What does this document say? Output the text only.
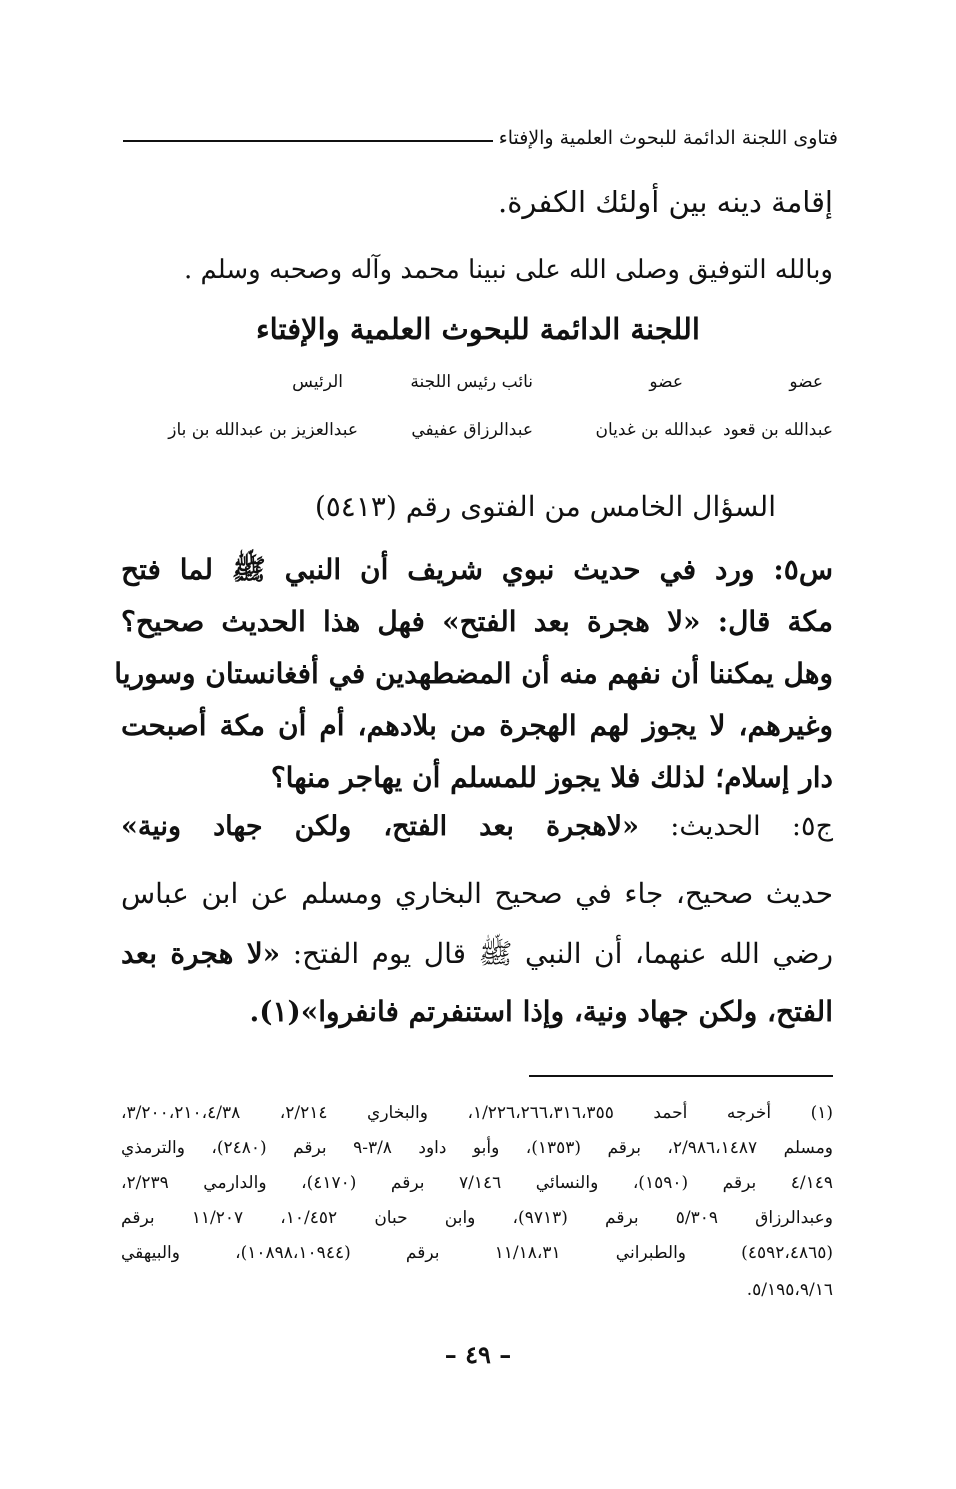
فتاوى اللجنة الدائمة للبحوث العلمية والإفتاء
إقامة دينه بين أولئك الكفرة.
وبالله التوفيق وصلى الله على نبينا محمد وآله وصحبه وسلم .
اللجنة الدائمة للبحوث العلمية والإفتاء
عضو
عضو
نائب رئيس اللجنة
الرئيس
عبدالله بن قعود
عبدالله بن غديان
عبدالرزاق عفيفي
عبدالعزيز بن عبدالله بن باز
السؤال الخامس من الفتوى رقم (٥٤١٣)
س٥: ورد في حديث نبوي شريف أن النبي ﷺ لما فتح
مكة قال: «لا هجرة بعد الفتح» فهل هذا الحديث صحيح؟
وهل يمكننا أن نفهم منه أن المضطهدين في أفغانستان وسوريا
وغيرهم، لا يجوز لهم الهجرة من بلادهم، أم أن مكة أصبحت
دار إسلام؛ لذلك فلا يجوز للمسلم أن يهاجر منها؟
ج٥: الحديث: «لاهجرة بعد الفتح، ولكن جهاد ونية»
حديث صحيح، جاء في صحيح البخاري ومسلم عن ابن عباس
رضي الله عنهما، أن النبي ﷺ قال يوم الفتح: «لا هجرة بعد
الفتح، ولكن جهاد ونية، وإذا استنفرتم فانفروا»(١).
(١) أخرجه أحمد ١/٢٢٦،٢٦٦،٣١٦،٣٥٥، والبخاري ٢/٢١٤، ٣/٢٠٠،٢١٠،٤/٣٨،
ومسلم ٢/٩٨٦،١٤٨٧، برقم (١٣٥٣)، وأبو داود ٣/٨-٩ برقم (٢٤٨٠)، والترمذي
٤/١٤٩ برقم (١٥٩٠)، والنسائي ٧/١٤٦ برقم (٤١٧٠)، والدارمي ٢/٢٣٩،
وعبدالرزاق ٥/٣٠٩ برقم (٩٧١٣)، وابن حبان ١٠/٤٥٢، ١١/٢٠٧ برقم
(٤٥٩٢،٤٨٦٥) والطبراني ١١/١٨،٣١ برقم (١٠٨٩٨،١٠٩٤٤)، والبيهقي
٥/١٩٥،٩/١٦.
– ٤٩ –
